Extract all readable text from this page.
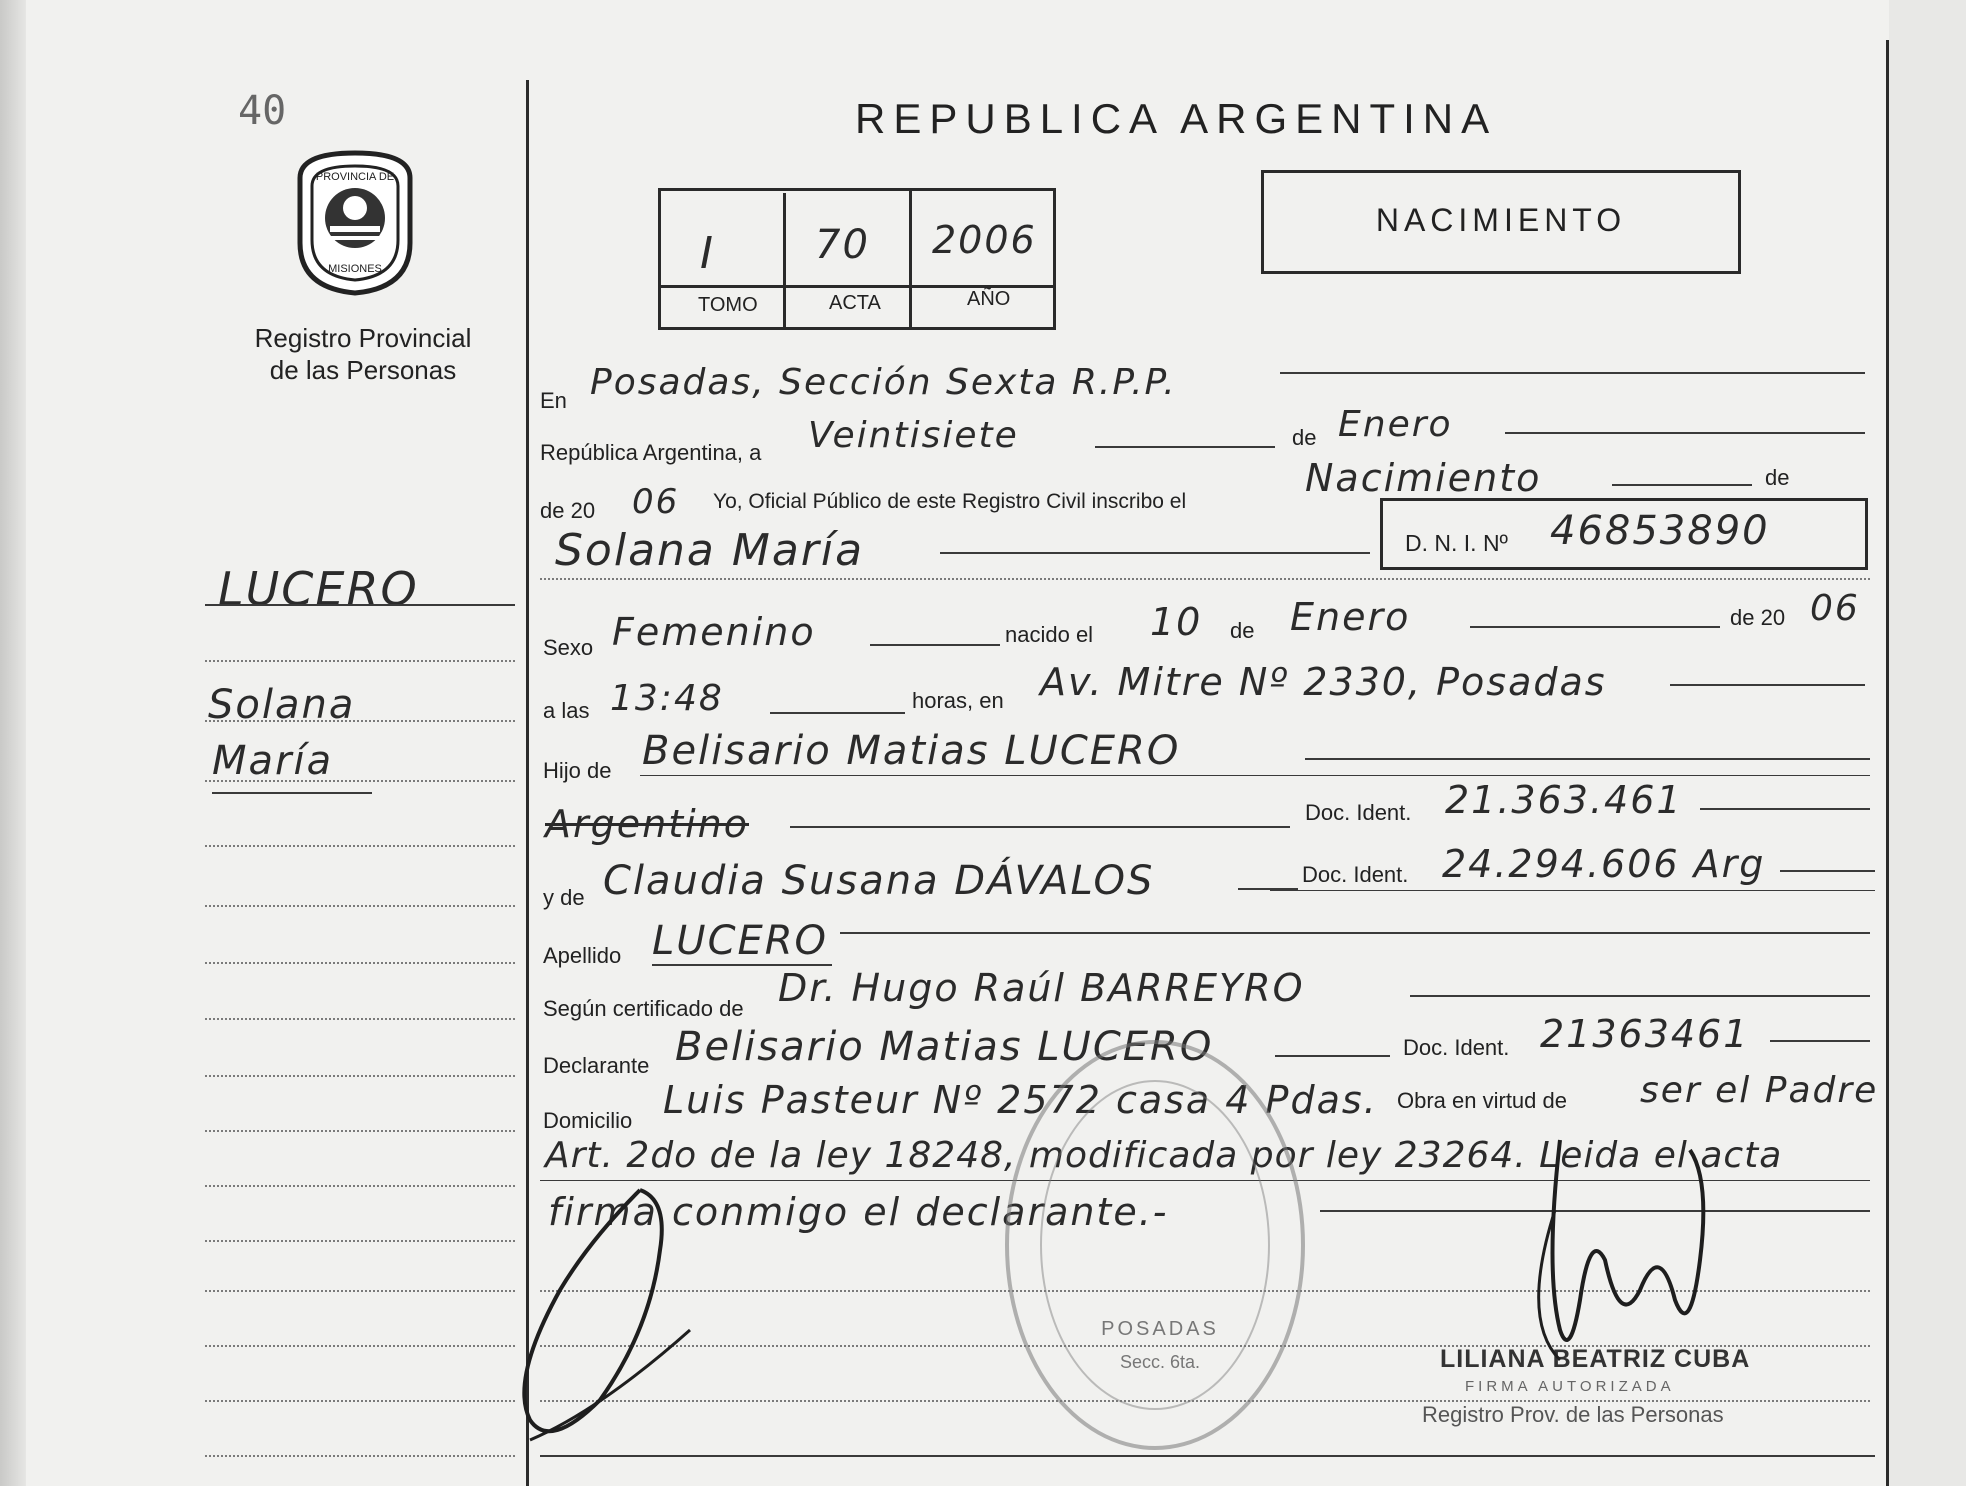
40
PROVINCIA DE
MISIONES
Registro Provincial
de las Personas
LUCERO
Solana
María
REPUBLICA ARGENTINA
I	70 2006
TOMO	ACTA	AÑO
NACIMIENTO
En Posadas, Sección Sexta R.P.P.
República Argentina, a Veintisiete	de Enero
de 20 06 Yo, Oficial Público de este Registro Civil inscribo el
Nacimiento	de
Solana María	D. N. I. Nº 46853890
Sexo Femenino	nacido el 10 de Enero	de 20 06
a las 13:48	horas, en Av. Mitre Nº 2330, Posadas
Hijo de Belisario Matias LUCERO
Argentino	Doc. Ident. 21.363.461
y de Claudia Susana DÁVALOS	Doc. Ident. 24.294.606 Arg
Apellido LUCERO
Según certificado de Dr. Hugo Raúl BARREYRO
Declarante Belisario Matias LUCERO	Doc. Ident. 21363461
Domicilio Luis Pasteur Nº 2572 casa 4 Pdas. Obra en virtud de ser el Padre
Art. 2do de la ley 18248, modificada por ley 23264. Leida el acta
firma conmigo el declarante.-
POSADAS
Secc. 6ta.	LILIANA BEATRIZ CUBA
FIRMA AUTORIZADA
Registro Prov. de las Personas
